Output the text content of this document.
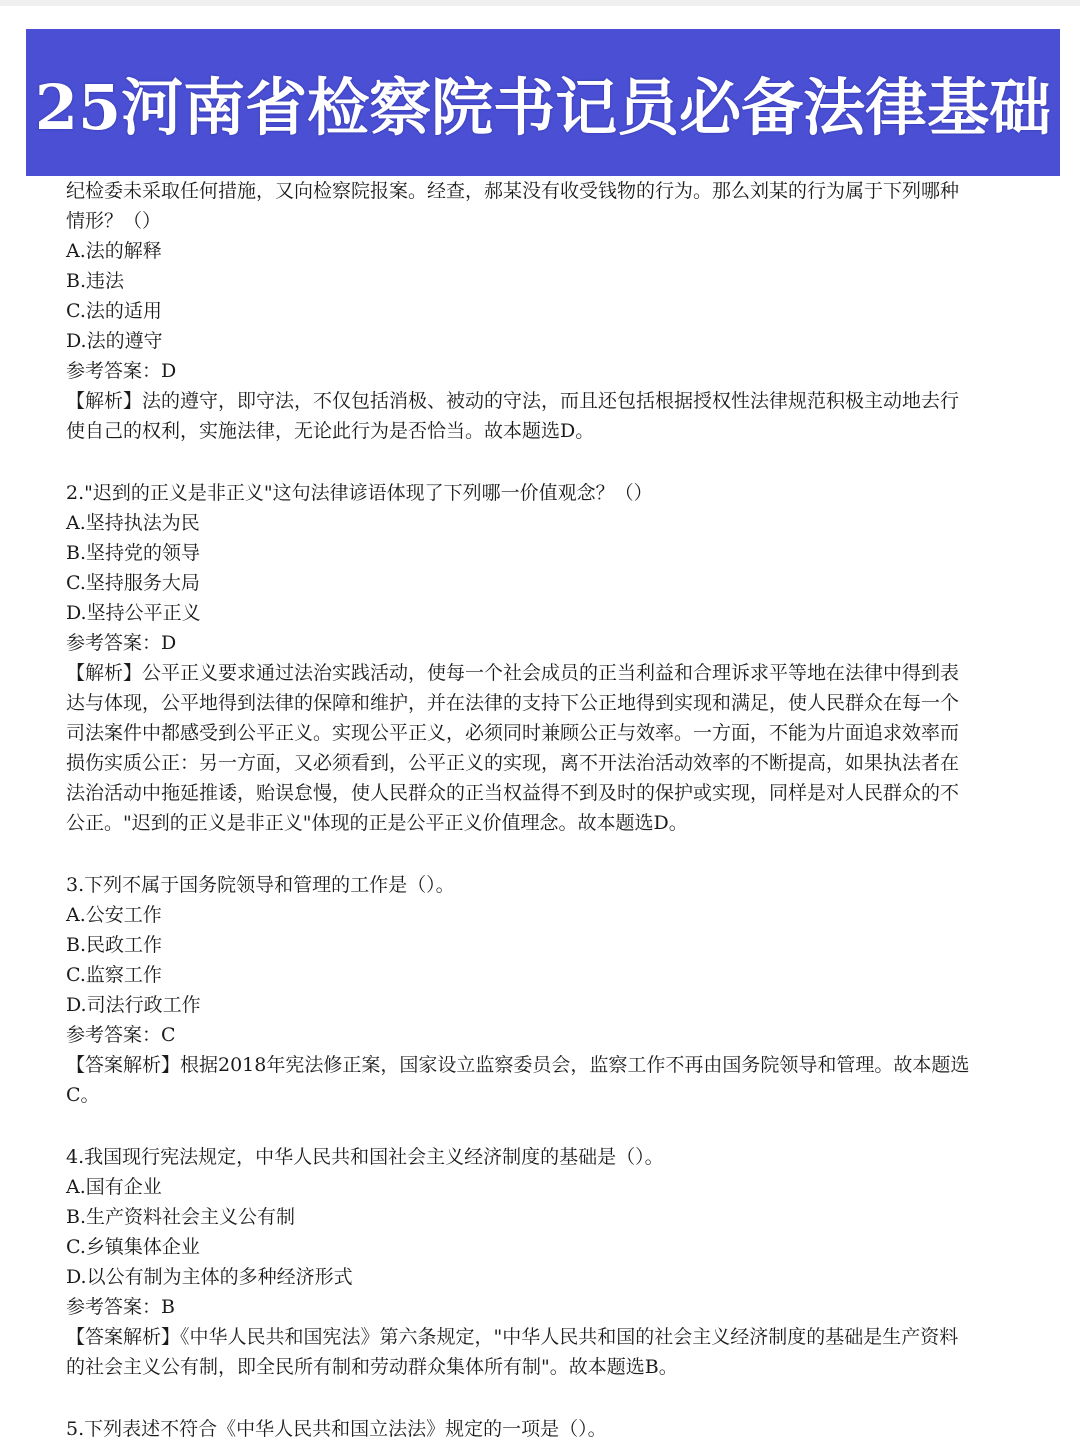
25河南省检察院书记员必备法律基础
纪检委未采取任何措施，又向检察院报案。经查，郝某没有收受钱物的行为。那么刘某的行为属于下列哪种
情形？（）
A.法的解释
B.违法
C.法的适用
D.法的遵守
参考答案：D
【解析】法的遵守，即守法，不仅包括消极、被动的守法，而且还包括根据授权性法律规范积极主动地去行
使自己的权利，实施法律，无论此行为是否恰当。故本题选D。
2."迟到的正义是非正义"这句法律谚语体现了下列哪一价值观念？（）
A.坚持执法为民
B.坚持党的领导
C.坚持服务大局
D.坚持公平正义
参考答案：D
【解析】公平正义要求通过法治实践活动，使每一个社会成员的正当利益和合理诉求平等地在法律中得到表
达与体现，公平地得到法律的保障和维护，并在法律的支持下公正地得到实现和满足，使人民群众在每一个
司法案件中都感受到公平正义。实现公平正义，必须同时兼顾公正与效率。一方面，不能为片面追求效率而
损伤实质公正：另一方面，又必须看到，公平正义的实现，离不开法治活动效率的不断提高，如果执法者在
法治活动中拖延推诿，贻误怠慢，使人民群众的正当权益得不到及时的保护或实现，同样是对人民群众的不
公正。"迟到的正义是非正义"体现的正是公平正义价值理念。故本题选D。
3.下列不属于国务院领导和管理的工作是（）。
A.公安工作
B.民政工作
C.监察工作
D.司法行政工作
参考答案：C
【答案解析】根据2018年宪法修正案，国家设立监察委员会，监察工作不再由国务院领导和管理。故本题选
C。
4.我国现行宪法规定，中华人民共和国社会主义经济制度的基础是（）。
A.国有企业
B.生产资料社会主义公有制
C.乡镇集体企业
D.以公有制为主体的多种经济形式
参考答案：B
【答案解析】《中华人民共和国宪法》第六条规定，"中华人民共和国的社会主义经济制度的基础是生产资料
的社会主义公有制，即全民所有制和劳动群众集体所有制"。故本题选B。
5.下列表述不符合《中华人民共和国立法法》规定的一项是（）。
